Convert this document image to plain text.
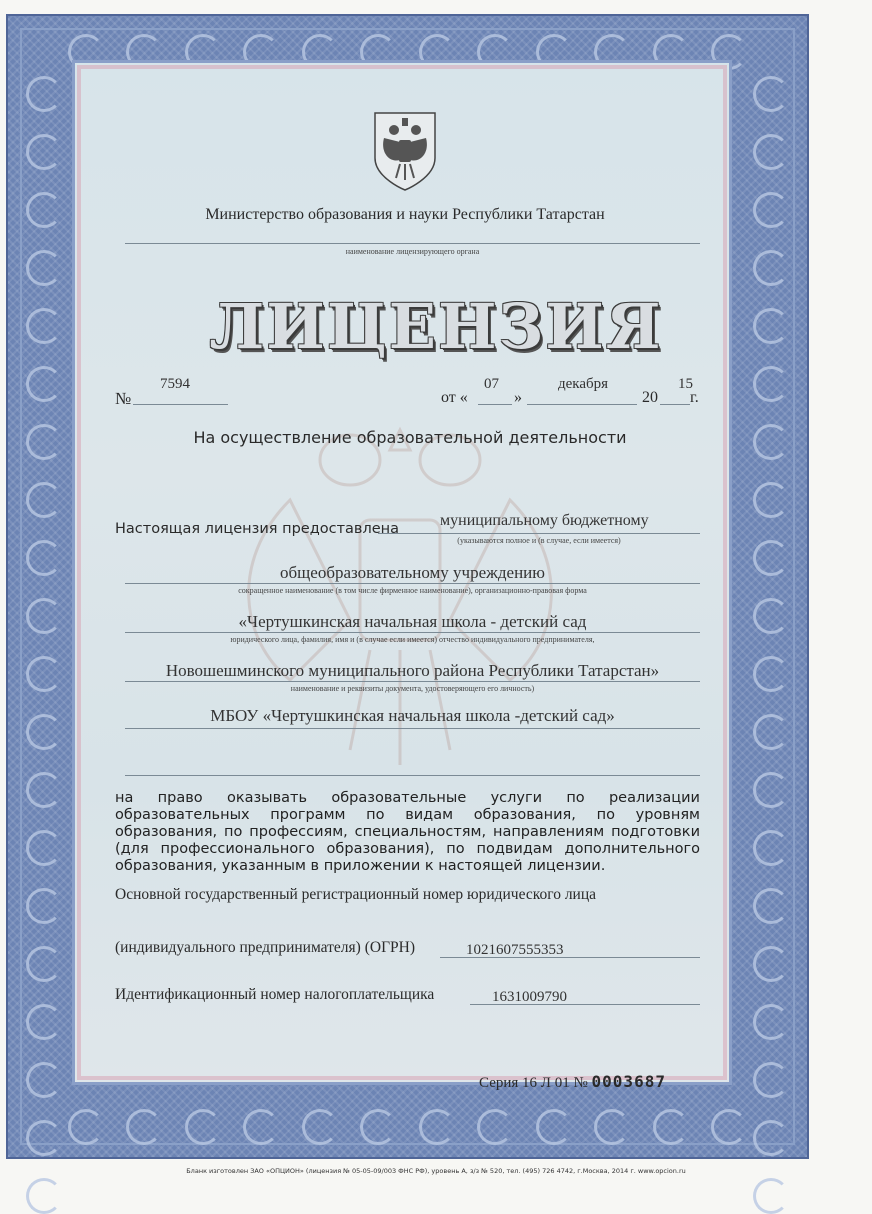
Министерство образования и науки Республики Татарстан
наименование лицензирующего органа
ЛИЦЕНЗИЯ
№
7594
от «
07
»
декабря
20
15
г.
На осуществление образовательной деятельности
Настоящая лицензия предоставлена	муниципальному бюджетному
(указываются полное и (в случае, если имеется)
общеобразовательному учреждению
сокращенное наименование (в том числе фирменное наименование), организационно-правовая форма
«Чертушкинская начальная школа - детский сад
юридического лица, фамилия, имя и (в случае если имеется) отчество индивидуального предпринимателя,
Новошешминского муниципального района Республики Татарстан»
наименование и реквизиты документа, удостоверяющего его личность)
МБОУ «Чертушкинская начальная школа -детский сад»
на право оказывать образовательные услуги по реализации образовательных программ по видам образования, по уровням образования, по профессиям, специальностям, направлениям подготовки (для профессионального образования), по подвидам дополнительного образования, указанным в приложении к настоящей лицензии.
Основной государственный регистрационный номер юридического лица
(индивидуального предпринимателя) (ОГРН)	1021607555353
Идентификационный номер налогоплательщика	1631009790
Серия 16 Л 01 № 0003687
Бланк изготовлен ЗАО «ОПЦИОН» (лицензия № 05-05-09/003 ФНС РФ), уровень А, з/з № 520, тел. (495) 726 4742, г.Москва, 2014 г. www.opcion.ru
